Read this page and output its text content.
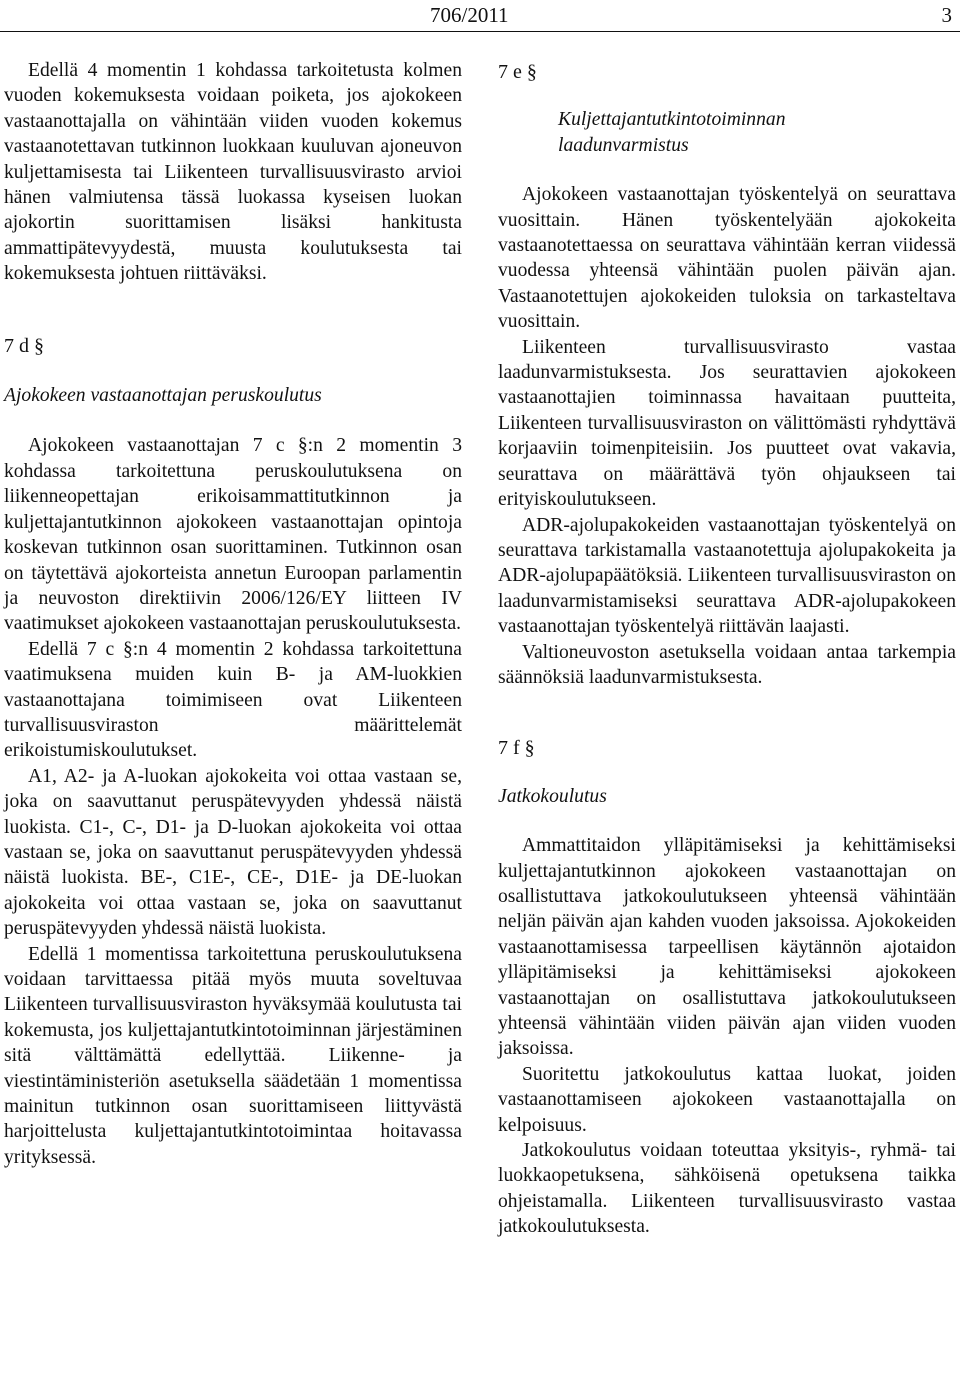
706/2011	3

Edellä 4 momentin 1 kohdassa tarkoitetusta kolmen vuoden kokemuksesta voidaan poiketa, jos ajokokeen vastaanottajalla on vähintään viiden vuoden kokemus vastaanotettavan tutkinnon luokkaan kuuluvan ajoneuvon kuljettamisesta tai Liikenteen turvallisuusvirasto arvioi hänen valmiutensa tässä luokassa kyseisen luokan ajokortin suorittamisen lisäksi hankitusta ammattipätevyydestä, muusta koulutuksesta tai kokemuksesta johtuen riittäväksi.

7 d §

Ajokokeen vastaanottajan peruskoulutus

Ajokokeen vastaanottajan 7 c §:n 2 momentin 3 kohdassa tarkoitettuna peruskoulutuksena on liikenneopettajan erikoisammattitutkinnon ja kuljettajantutkinnon ajokokeen vastaanottajan opintoja koskevan tutkinnon osan suorittaminen. Tutkinnon osan on täytettävä ajokorteista annetun Euroopan parlamentin ja neuvoston direktiivin 2006/126/EY liitteen IV vaatimukset ajokokeen vastaanottajan peruskoulutuksesta.

Edellä 7 c §:n 4 momentin 2 kohdassa tarkoitettuna vaatimuksena muiden kuin B- ja AM-luokkien vastaanottajana toimimiseen ovat Liikenteen turvallisuusviraston määrittelemät erikoistumiskoulutukset.

A1, A2- ja A-luokan ajokokeita voi ottaa vastaan se, joka on saavuttanut peruspätevyyden yhdessä näistä luokista. C1-, C-, D1- ja D-luokan ajokokeita voi ottaa vastaan se, joka on saavuttanut peruspätevyyden yhdessä näistä luokista. BE-, C1E-, CE-, D1E- ja DE-luokan ajokokeita voi ottaa vastaan se, joka on saavuttanut peruspätevyyden yhdessä näistä luokista.

Edellä 1 momentissa tarkoitettuna peruskoulutuksena voidaan tarvittaessa pitää myös muuta soveltuvaa Liikenteen turvallisuusviraston hyväksymää koulutusta tai kokemusta, jos kuljettajantutkintotoiminnan järjestäminen sitä välttämättä edellyttää. Liikenne- ja viestintäministeriön asetuksella säädetään 1 momentissa mainitun tutkinnon osan suorittamiseen liittyvästä harjoittelusta kuljettajantutkintotoimintaa hoitavassa yrityksessä.

7 e §

Kuljettajantutkintotoiminnan laadunvarmistus

Ajokokeen vastaanottajan työskentelyä on seurattava vuosittain. Hänen työskentelyään ajokokeita vastaanotettaessa on seurattava vähintään kerran viidessä vuodessa yhteensä vähintään puolen päivän ajan. Vastaanotettujen ajokokeiden tuloksia on tarkasteltava vuosittain.

Liikenteen turvallisuusvirasto vastaa laadunvarmistuksesta. Jos seurattavien ajokokeen vastaanottajien toiminnassa havaitaan puutteita, Liikenteen turvallisuusviraston on välittömästi ryhdyttävä korjaaviin toimenpiteisiin. Jos puutteet ovat vakavia, seurattava on määrättävä työn ohjaukseen tai erityiskoulutukseen.

ADR-ajolupakokeiden vastaanottajan työskentelyä on seurattava tarkistamalla vastaanotettuja ajolupakokeita ja ADR-ajolupapäätöksiä. Liikenteen turvallisuusviraston on laadunvarmistamiseksi seurattava ADR-ajolupakokeen vastaanottajan työskentelyä riittävän laajasti.

Valtioneuvoston asetuksella voidaan antaa tarkempia säännöksiä laadunvarmistuksesta.

7 f §

Jatkokoulutus

Ammattitaidon ylläpitämiseksi ja kehittämiseksi kuljettajantutkinnon ajokokeen vastaanottajan on osallistuttava jatkokoulutukseen yhteensä vähintään neljän päivän ajan kahden vuoden jaksoissa. Ajokokeiden vastaanottamisessa tarpeellisen käytännön ajotaidon ylläpitämiseksi ja kehittämiseksi ajokokeen vastaanottajan on osallistuttava jatkokoulutukseen yhteensä vähintään viiden päivän ajan viiden vuoden jaksoissa.

Suoritettu jatkokoulutus kattaa luokat, joiden vastaanottamiseen ajokokeen vastaanottajalla on kelpoisuus.

Jatkokoulutus voidaan toteuttaa yksityis-, ryhmä- tai luokkaopetuksena, sähköisenä opetuksena taikka ohjeistamalla. Liikenteen turvallisuusvirasto vastaa jatkokoulutuksesta.
